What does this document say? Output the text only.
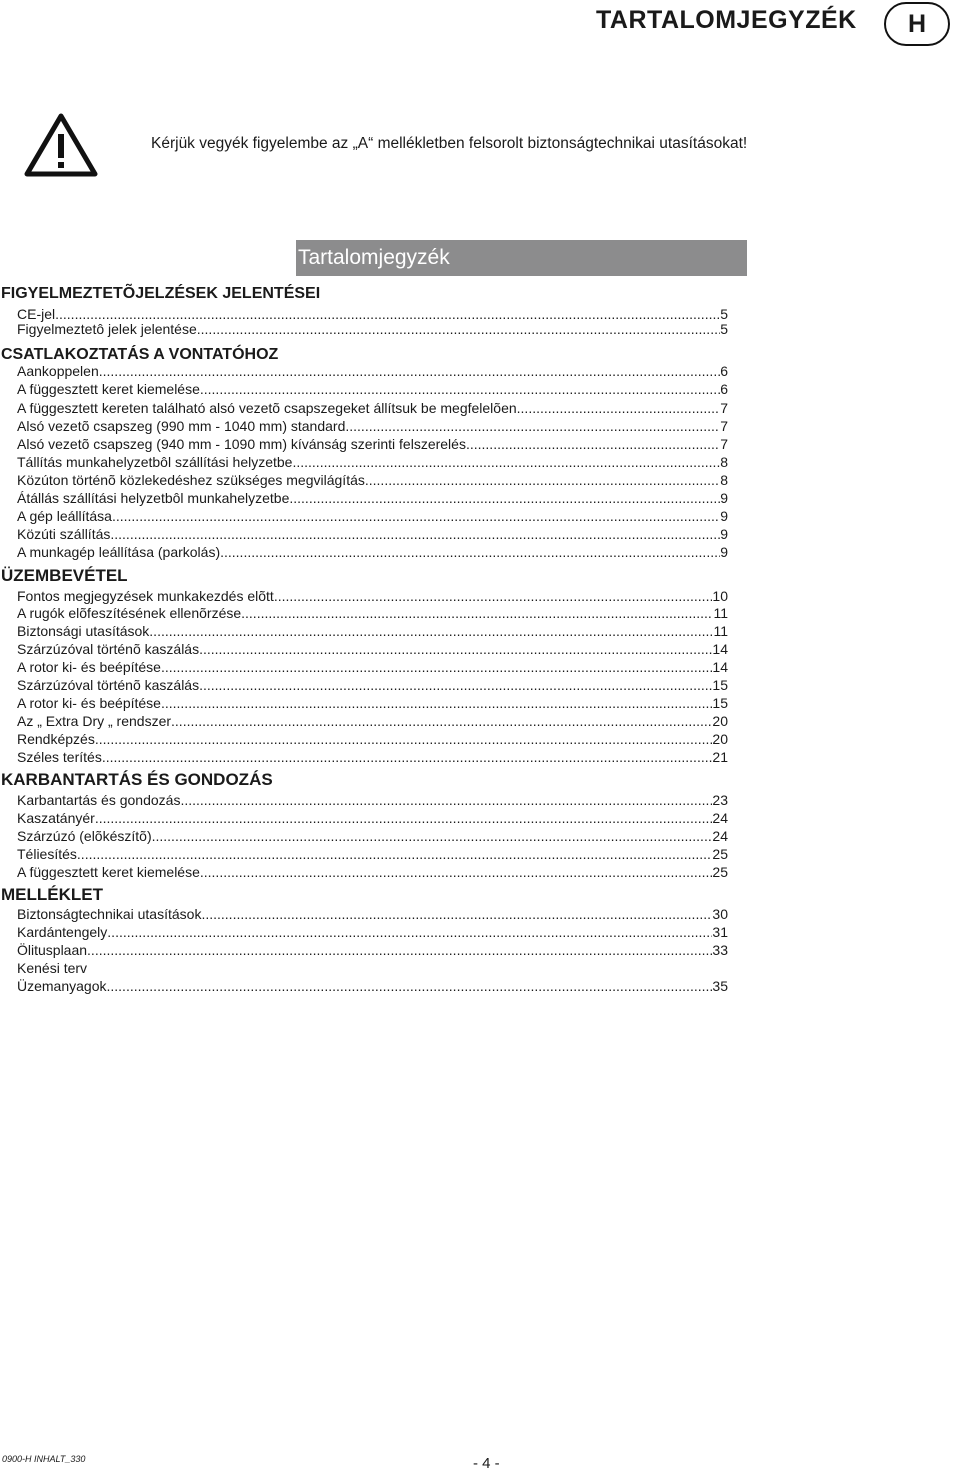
TARTALOMJEGYZÉK	H
Kérjük vegyék figyelembe az „A“ mellékletben felsorolt biztonságtechnikai utasításokat!
Tartalomjegyzék
FIGYELMEZTETÕJELZÉSEK JELENTÉSEI
CE-jel .....	5
Figyelmeztetô jelek jelentése .....	5
CSATLAKOZTATÁS A VONTATÓHOZ
Aankoppelen .....	6
A függesztett keret kiemelése .....	6
A függesztett kereten található alsó vezetõ csapszegeket állítsuk be megfelelõen. .....	7
Alsó vezetõ csapszeg (990 mm - 1040 mm) standard .....	7
Alsó vezetõ csapszeg (940 mm - 1090 mm) kívánság szerinti felszerelés .....	7
Tállítás munkahelyzetbôl szállítási helyzetbe .....	8
Közúton történõ közlekedéshez szükséges megvilágítás .....	8
Átállás szállítási helyzetbôl munkahelyzetbe .....	9
A gép leállítása .....	9
Közúti szállítás .....	9
A munkagép leállítása (parkolás) .....	9
ÜZEMBEVÉTEL
Fontos megjegyzések munkakezdés elõtt .....	10
A rugók elõfeszítésének ellenõrzése .....	11
Biztonsági utasítások .....	11
Szárzúzóval történõ kaszálás .....	14
A rotor ki- és beépítése .....	14
Szárzúzóval történõ kaszálás .....	15
A rotor ki- és beépítése .....	15
Az „ Extra Dry „ rendszer .....	20
Rendképzés .....	20
Széles terítés .....	21
KARBANTARTÁS ÉS GONDOZÁS
Karbantartás és gondozás .....	23
Kaszatányér .....	24
Szárzúzó (elõkészítõ) .....	24
Téliesítés .....	25
A függesztett keret kiemelése .....	25
MELLÉKLET
Biztonságtechnikai utasítások .....	30
Kardántengely .....	31
Ölitusplaan .....	33
Kenési terv
Üzemanyagok .....	35
0900-H INHALT_330	- 4 -
